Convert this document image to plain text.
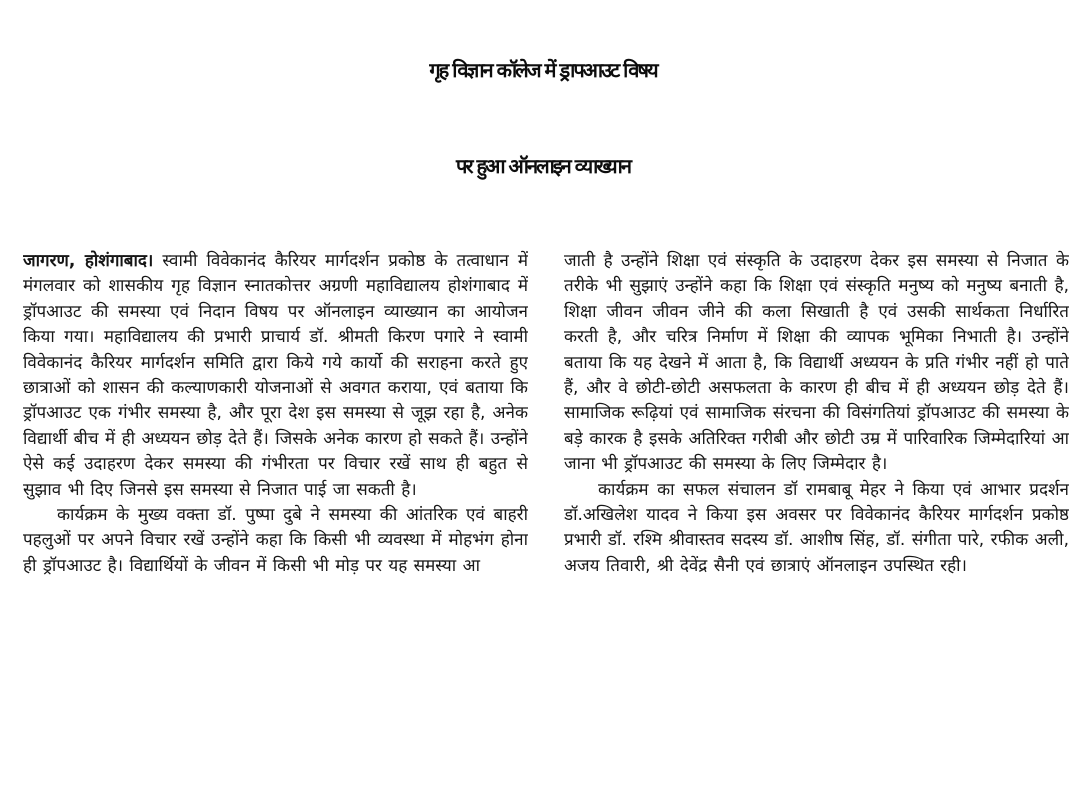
गृह विज्ञान कॉलेज में ड्रापआउट विषय
पर हुआ ऑनलाइन व्याख्यान

जागरण, होशंगाबाद। स्वामी विवेकानंद कैरियर मार्गदर्शन प्रकोष्ठ के तत्वाधान में मंगलवार को शासकीय गृह विज्ञान स्नातकोत्तर अग्रणी महाविद्यालय होशंगाबाद में ड्रॉपआउट की समस्या एवं निदान विषय पर ऑनलाइन व्याख्यान का आयोजन किया गया। महाविद्यालय की प्रभारी प्राचार्य डॉ. श्रीमती किरण पगारे ने स्वामी विवेकानंद कैरियर मार्गदर्शन समिति द्वारा किये गये कार्यो की सराहना करते हुए छात्राओं को शासन की कल्याणकारी योजनाओं से अवगत कराया, एवं बताया कि ड्रॉपआउट एक गंभीर समस्या है, और पूरा देश इस समस्या से जूझ रहा है, अनेक विद्यार्थी बीच में ही अध्ययन छोड़ देते हैं। जिसके अनेक कारण हो सकते हैं। उन्होंने ऐसे कई उदाहरण देकर समस्या की गंभीरता पर विचार रखें साथ ही बहुत से सुझाव भी दिए जिनसे इस समस्या से निजात पाई जा सकती है।

कार्यक्रम के मुख्य वक्ता डॉ. पुष्पा दुबे ने समस्या की आंतरिक एवं बाहरी पहलुओं पर अपने विचार रखें उन्होंने कहा कि किसी भी व्यवस्था में मोहभंग होना ही ड्रॉपआउट है। विद्यार्थियों के जीवन में किसी भी मोड़ पर यह समस्या आ

जाती है उन्होंने शिक्षा एवं संस्कृति के उदाहरण देकर इस समस्या से निजात के तरीके भी सुझाएं उन्होंने कहा कि शिक्षा एवं संस्कृति मनुष्य को मनुष्य बनाती है, शिक्षा जीवन जीवन जीने की कला सिखाती है एवं उसकी सार्थकता निर्धारित करती है, और चरित्र निर्माण में शिक्षा की व्यापक भूमिका निभाती है। उन्होंने बताया कि यह देखने में आता है, कि विद्यार्थी अध्ययन के प्रति गंभीर नहीं हो पाते हैं, और वे छोटी-छोटी असफलता के कारण ही बीच में ही अध्ययन छोड़ देते हैं। सामाजिक रूढ़ियां एवं सामाजिक संरचना की विसंगतियां ड्रॉपआउट की समस्या के बड़े कारक है इसके अतिरिक्त गरीबी और छोटी उम्र में पारिवारिक जिम्मेदारियां आ जाना भी ड्रॉपआउट की समस्या के लिए जिम्मेदार है।

कार्यक्रम का सफल संचालन डॉ रामबाबू मेहर ने किया एवं आभार प्रदर्शन डॉ.अखिलेश यादव ने किया इस अवसर पर विवेकानंद कैरियर मार्गदर्शन प्रकोष्ठ प्रभारी डॉ. रश्मि श्रीवास्तव सदस्य डॉ. आशीष सिंह, डॉ. संगीता पारे, रफीक अली, अजय तिवारी, श्री देवेंद्र सैनी एवं छात्राएं ऑनलाइन उपस्थित रही।
